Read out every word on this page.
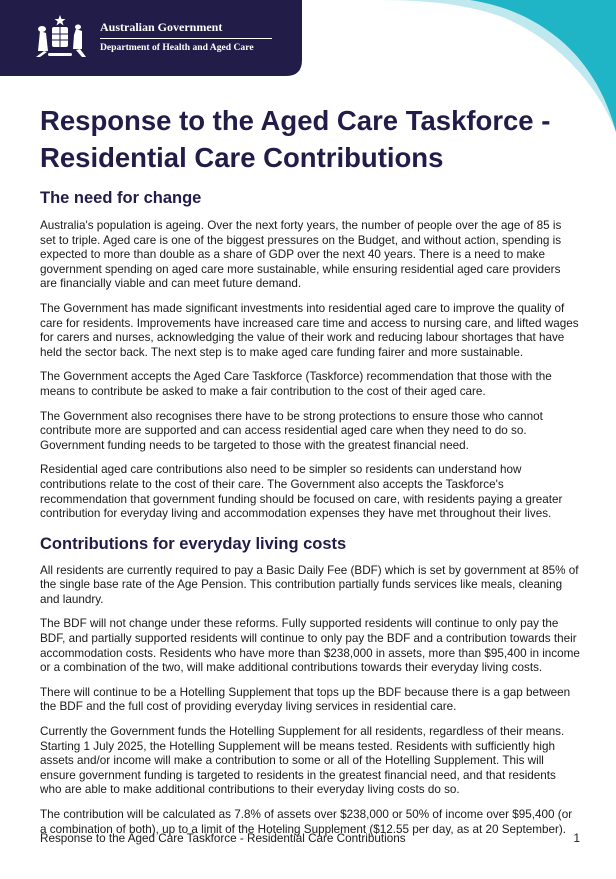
Australian Government
Department of Health and Aged Care
Response to the Aged Care Taskforce - Residential Care Contributions
The need for change

Australia's population is ageing. Over the next forty years, the number of people over the age of 85 is set to triple. Aged care is one of the biggest pressures on the Budget, and without action, spending is expected to more than double as a share of GDP over the next 40 years. There is a need to make government spending on aged care more sustainable, while ensuring residential aged care providers are financially viable and can meet future demand.

The Government has made significant investments into residential aged care to improve the quality of care for residents. Improvements have increased care time and access to nursing care, and lifted wages for carers and nurses, acknowledging the value of their work and reducing labour shortages that have held the sector back. The next step is to make aged care funding fairer and more sustainable.

The Government accepts the Aged Care Taskforce (Taskforce) recommendation that those with the means to contribute be asked to make a fair contribution to the cost of their aged care.

The Government also recognises there have to be strong protections to ensure those who cannot contribute more are supported and can access residential aged care when they need to do so. Government funding needs to be targeted to those with the greatest financial need.

Residential aged care contributions also need to be simpler so residents can understand how contributions relate to the cost of their care. The Government also accepts the Taskforce's recommendation that government funding should be focused on care, with residents paying a greater contribution for everyday living and accommodation expenses they have met throughout their lives.

Contributions for everyday living costs

All residents are currently required to pay a Basic Daily Fee (BDF) which is set by government at 85% of the single base rate of the Age Pension. This contribution partially funds services like meals, cleaning and laundry.

The BDF will not change under these reforms. Fully supported residents will continue to only pay the BDF, and partially supported residents will continue to only pay the BDF and a contribution towards their accommodation costs. Residents who have more than $238,000 in assets, more than $95,400 in income or a combination of the two, will make additional contributions towards their everyday living costs.

There will continue to be a Hotelling Supplement that tops up the BDF because there is a gap between the BDF and the full cost of providing everyday living services in residential care.

Currently the Government funds the Hotelling Supplement for all residents, regardless of their means. Starting 1 July 2025, the Hotelling Supplement will be means tested. Residents with sufficiently high assets and/or income will make a contribution to some or all of the Hotelling Supplement. This will ensure government funding is targeted to residents in the greatest financial need, and that residents who are able to make additional contributions to their everyday living costs do so.

The contribution will be calculated as 7.8% of assets over $238,000 or 50% of income over $95,400 (or a combination of both), up to a limit of the Hoteling Supplement ($12.55 per day, as at 20 September).

Response to the Aged Care Taskforce - Residential Care Contributions	1
